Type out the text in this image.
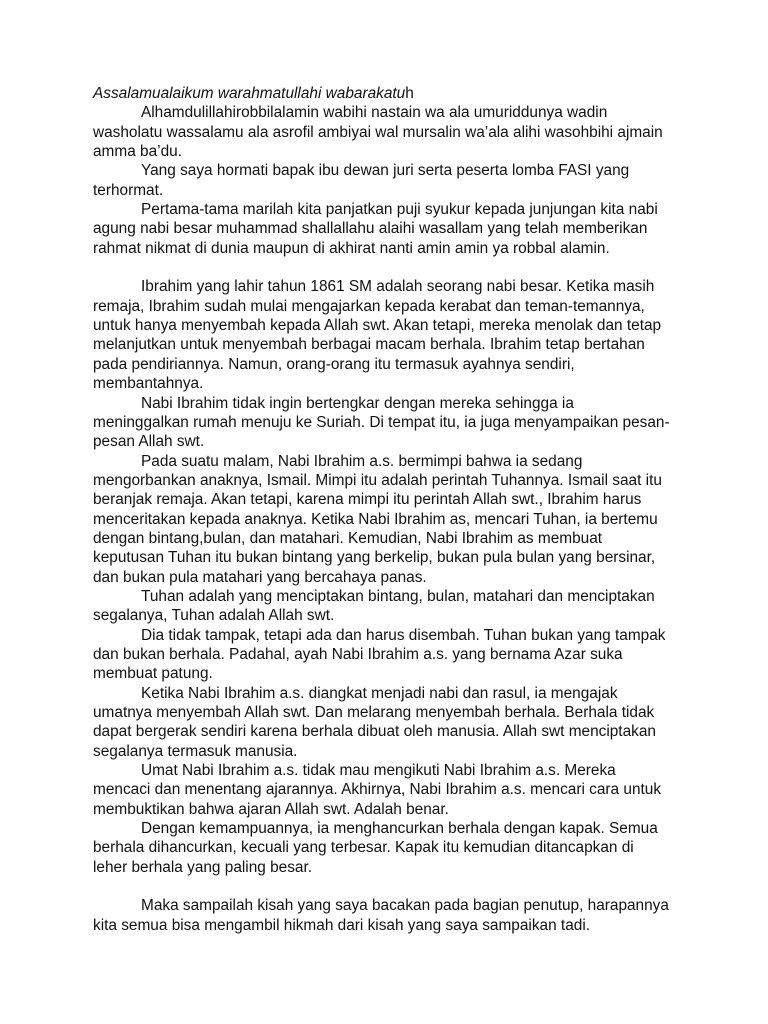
Assalamualaikum warahmatullahi wabarakatuh

Alhamdulillahirobbilalamin wabihi nastain wa ala umuriddunya wadin
washolatu wassalamu ala asrofil ambiyai wal mursalin wa’ala alihi wasohbihi ajmain
amma ba’du.

Yang saya hormati bapak ibu dewan juri serta peserta lomba FASI yang
terhormat.

Pertama-tama marilah kita panjatkan puji syukur kepada junjungan kita nabi
agung nabi besar muhammad shallallahu alaihi wasallam yang telah memberikan
rahmat nikmat di dunia maupun di akhirat nanti amin amin ya robbal alamin.

Ibrahim yang lahir tahun 1861 SM adalah seorang nabi besar. Ketika masih
remaja, Ibrahim sudah mulai mengajarkan kepada kerabat dan teman-temannya,
untuk hanya menyembah kepada Allah swt. Akan tetapi, mereka menolak dan tetap
melanjutkan untuk menyembah berbagai macam berhala. Ibrahim tetap bertahan
pada pendiriannya. Namun, orang-orang itu termasuk ayahnya sendiri,
membantahnya.

Nabi Ibrahim tidak ingin bertengkar dengan mereka sehingga ia
meninggalkan rumah menuju ke Suriah. Di tempat itu, ia juga menyampaikan pesan-
pesan Allah swt.

Pada suatu malam, Nabi Ibrahim a.s. bermimpi bahwa ia sedang
mengorbankan anaknya, Ismail. Mimpi itu adalah perintah Tuhannya. Ismail saat itu
beranjak remaja. Akan tetapi, karena mimpi itu perintah Allah swt., Ibrahim harus
menceritakan kepada anaknya. Ketika Nabi Ibrahim as, mencari Tuhan, ia bertemu
dengan bintang,bulan, dan matahari. Kemudian, Nabi Ibrahim as membuat
keputusan Tuhan itu bukan bintang yang berkelip, bukan pula bulan yang bersinar,
dan bukan pula matahari yang bercahaya panas.

Tuhan adalah yang menciptakan bintang, bulan, matahari dan menciptakan
segalanya, Tuhan adalah Allah swt.

Dia tidak tampak, tetapi ada dan harus disembah. Tuhan bukan yang tampak
dan bukan berhala. Padahal, ayah Nabi Ibrahim a.s. yang bernama Azar suka
membuat patung.

Ketika Nabi Ibrahim a.s. diangkat menjadi nabi dan rasul, ia mengajak
umatnya menyembah Allah swt. Dan melarang menyembah berhala. Berhala tidak
dapat bergerak sendiri karena berhala dibuat oleh manusia. Allah swt menciptakan
segalanya termasuk manusia.

Umat Nabi Ibrahim a.s. tidak mau mengikuti Nabi Ibrahim a.s. Mereka
mencaci dan menentang ajarannya. Akhirnya, Nabi Ibrahim a.s. mencari cara untuk
membuktikan bahwa ajaran Allah swt. Adalah benar.

Dengan kemampuannya, ia menghancurkan berhala dengan kapak. Semua
berhala dihancurkan, kecuali yang terbesar. Kapak itu kemudian ditancapkan di
leher berhala yang paling besar.

Maka sampailah kisah yang saya bacakan pada bagian penutup, harapannya
kita semua bisa mengambil hikmah dari kisah yang saya sampaikan tadi.
